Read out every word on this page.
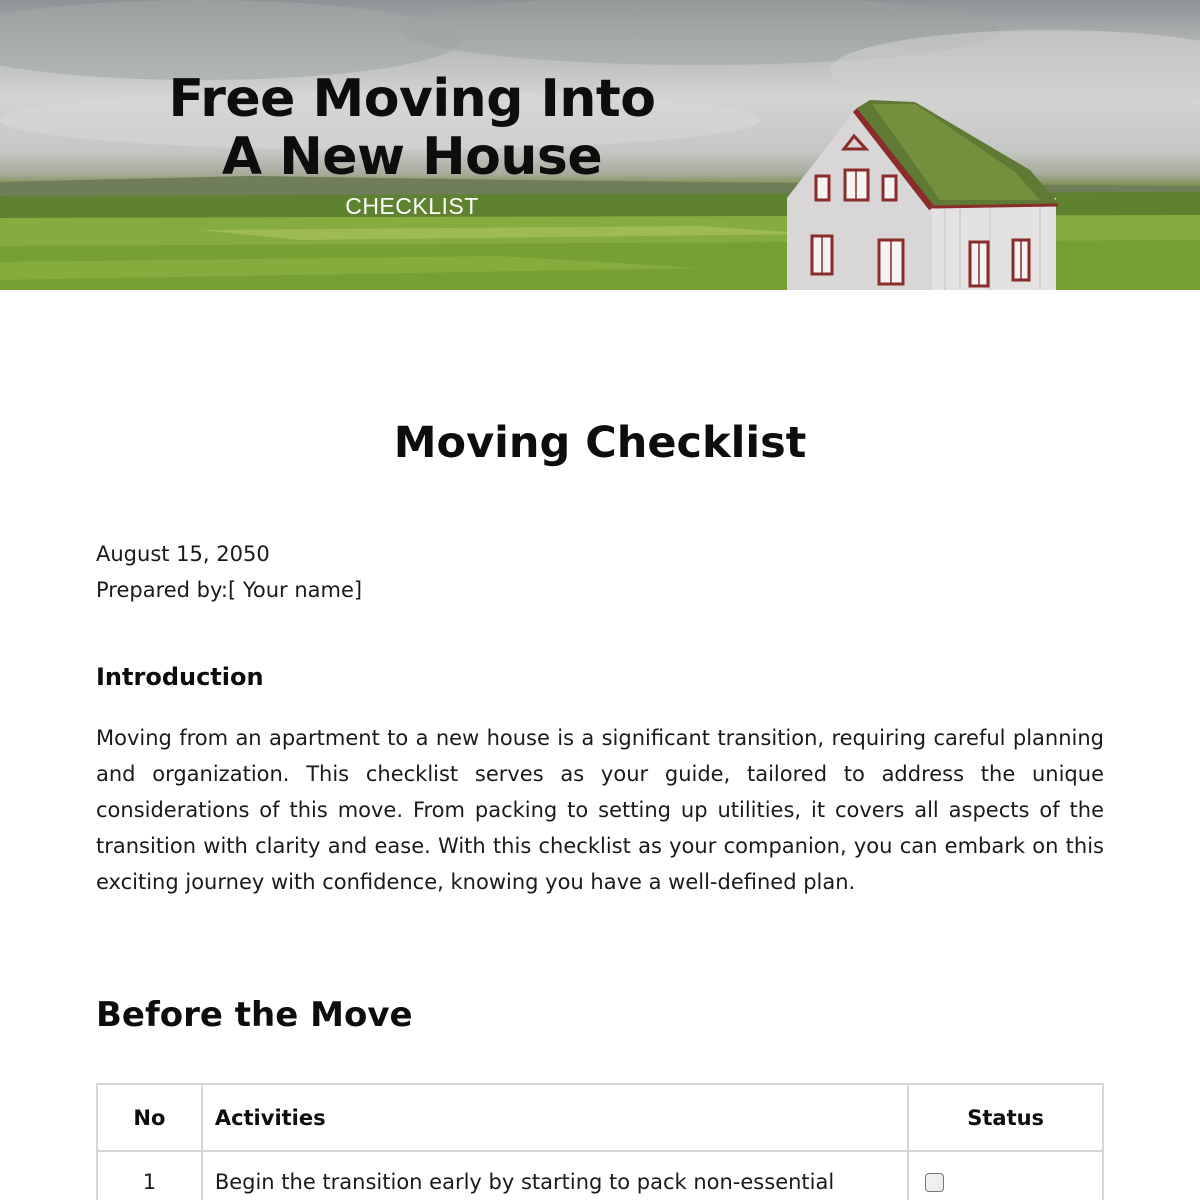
Free Moving Into
A New House
CHECKLIST
Moving Checklist
August 15, 2050
Prepared by:[ Your name]
Introduction

Moving from an apartment to a new house is a significant transition, requiring careful planning and organization. This checklist serves as your guide, tailored to address the unique considerations of this move. From packing to setting up utilities, it covers all aspects of the transition with clarity and ease. With this checklist as your companion, you can embark on this exciting journey with confidence, knowing you have a well-defined plan.

Before the Move
No	Activities	Status
1	Begin the transition early by starting to pack non-essential	
